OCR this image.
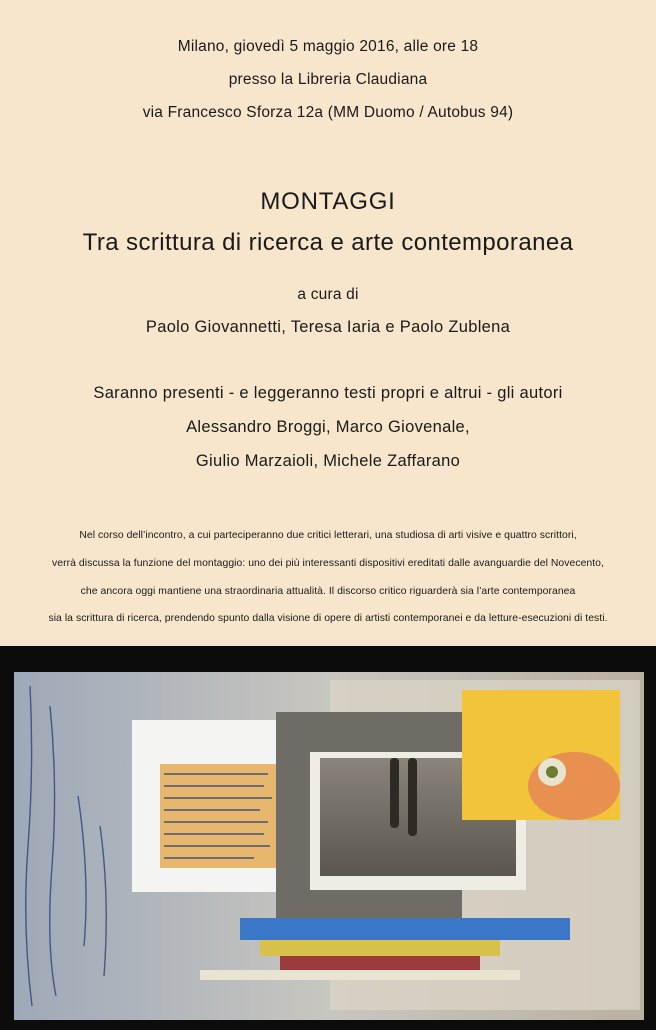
Milano, giovedì 5 maggio 2016, alle ore 18
presso la Libreria Claudiana
via Francesco Sforza 12a (MM Duomo / Autobus 94)
MONTAGGI
Tra scrittura di ricerca e arte contemporanea
a cura di
Paolo Giovannetti, Teresa Iaria e Paolo Zublena
Saranno presenti - e leggeranno testi propri e altrui - gli autori
Alessandro Broggi, Marco Giovenale,
Giulio Marzaioli, Michele Zaffarano
Nel corso dell’incontro, a cui parteciperanno due critici letterari, una studiosa di arti visive e quattro scrittori,
verrà discussa la funzione del montaggio: uno dei più interessanti dispositivi ereditati dalle avanguardie del Novecento,
che ancora oggi mantiene una straordinaria attualità. Il discorso critico riguarderà sia l’arte contemporanea
sia la scrittura di ricerca, prendendo spunto dalla visione di opere di artisti contemporanei e da letture-esecuzioni di testi.
